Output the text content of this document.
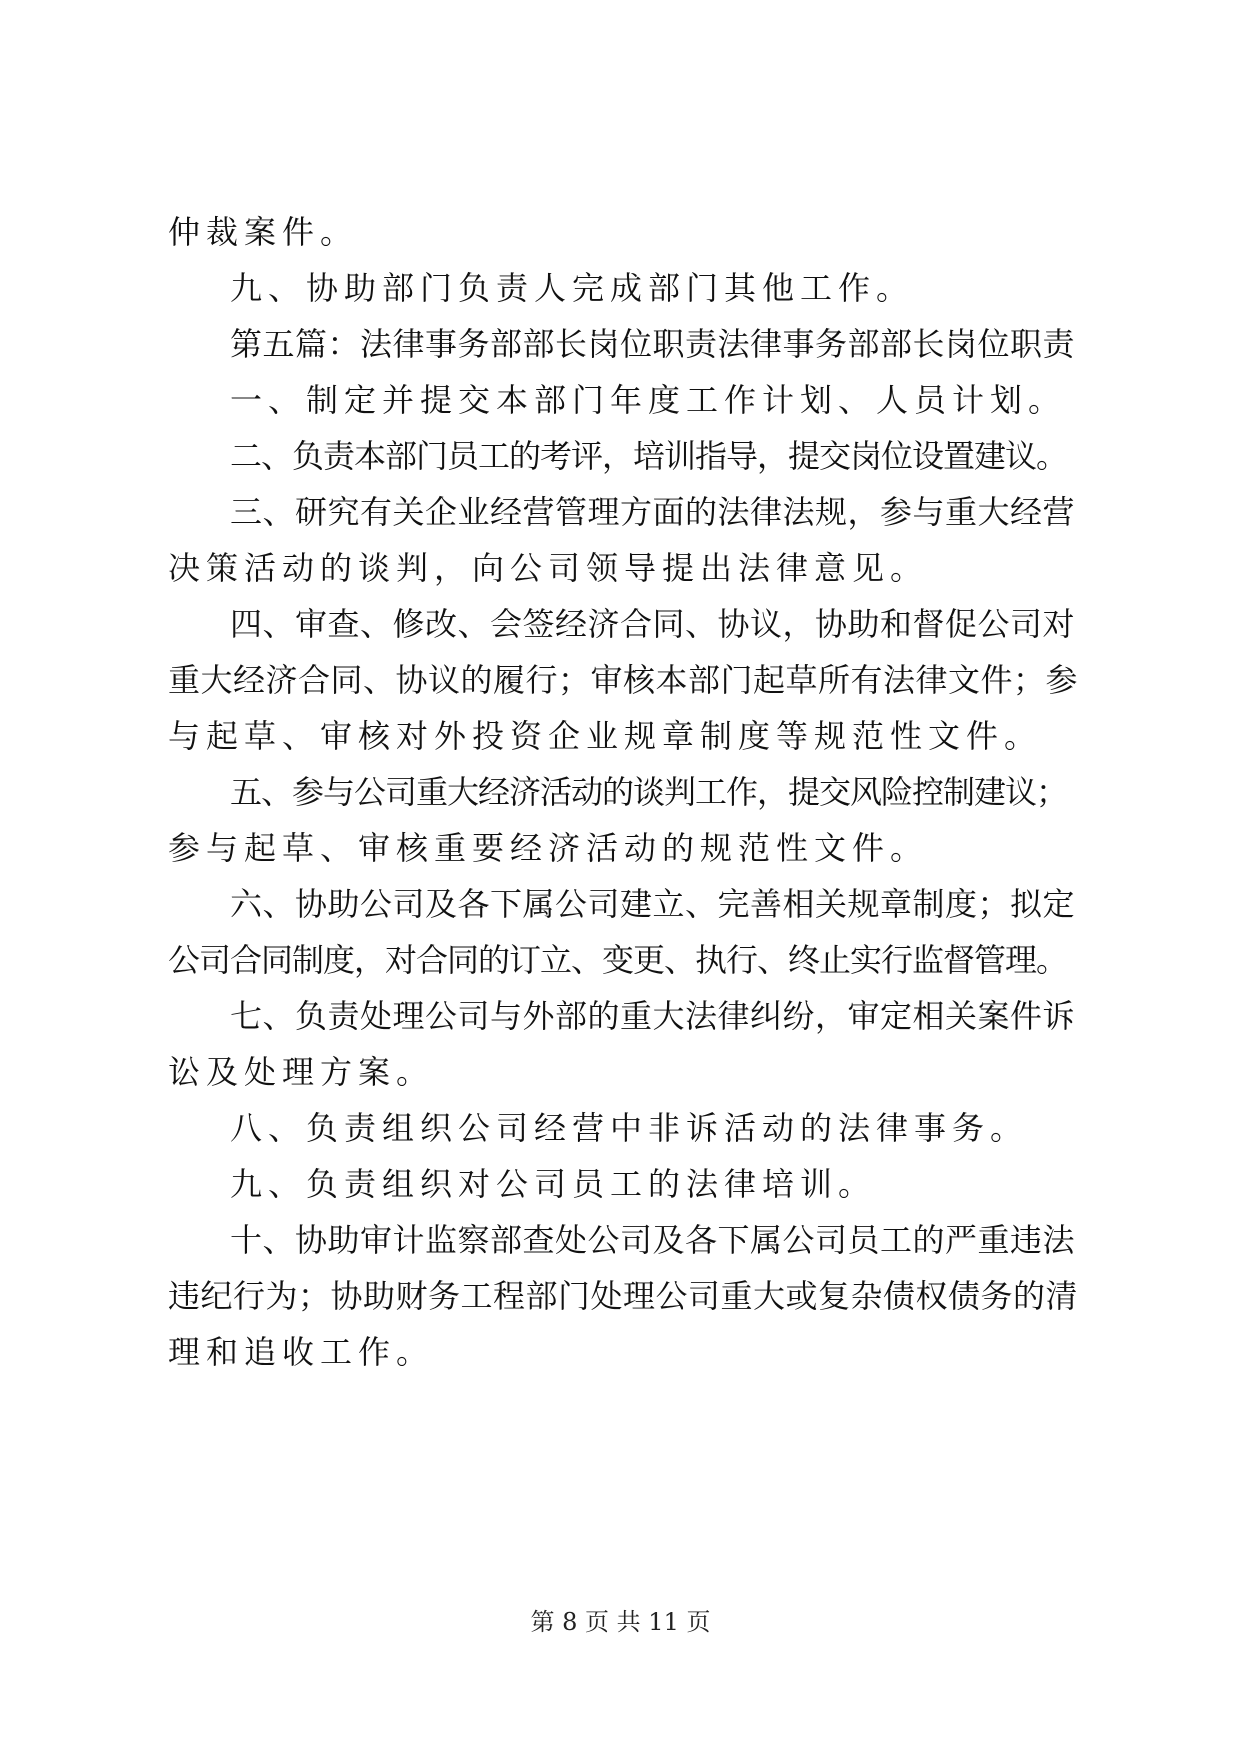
仲裁案件。
九、协助部门负责人完成部门其他工作。
第五篇：法律事务部部长岗位职责法律事务部部长岗位职责
一、制定并提交本部门年度工作计划、人员计划。
二、负责本部门员工的考评，培训指导，提交岗位设置建议。
三、研究有关企业经营管理方面的法律法规，参与重大经营
决策活动的谈判，向公司领导提出法律意见。
四、审查、修改、会签经济合同、协议，协助和督促公司对
重大经济合同、协议的履行；审核本部门起草所有法律文件；参
与起草、审核对外投资企业规章制度等规范性文件。
五、参与公司重大经济活动的谈判工作，提交风险控制建议；
参与起草、审核重要经济活动的规范性文件。
六、协助公司及各下属公司建立、完善相关规章制度；拟定
公司合同制度，对合同的订立、变更、执行、终止实行监督管理。
七、负责处理公司与外部的重大法律纠纷，审定相关案件诉
讼及处理方案。
八、负责组织公司经营中非诉活动的法律事务。
九、负责组织对公司员工的法律培训。
十、协助审计监察部查处公司及各下属公司员工的严重违法
违纪行为；协助财务工程部门处理公司重大或复杂债权债务的清
理和追收工作。
第 8 页 共 11 页
